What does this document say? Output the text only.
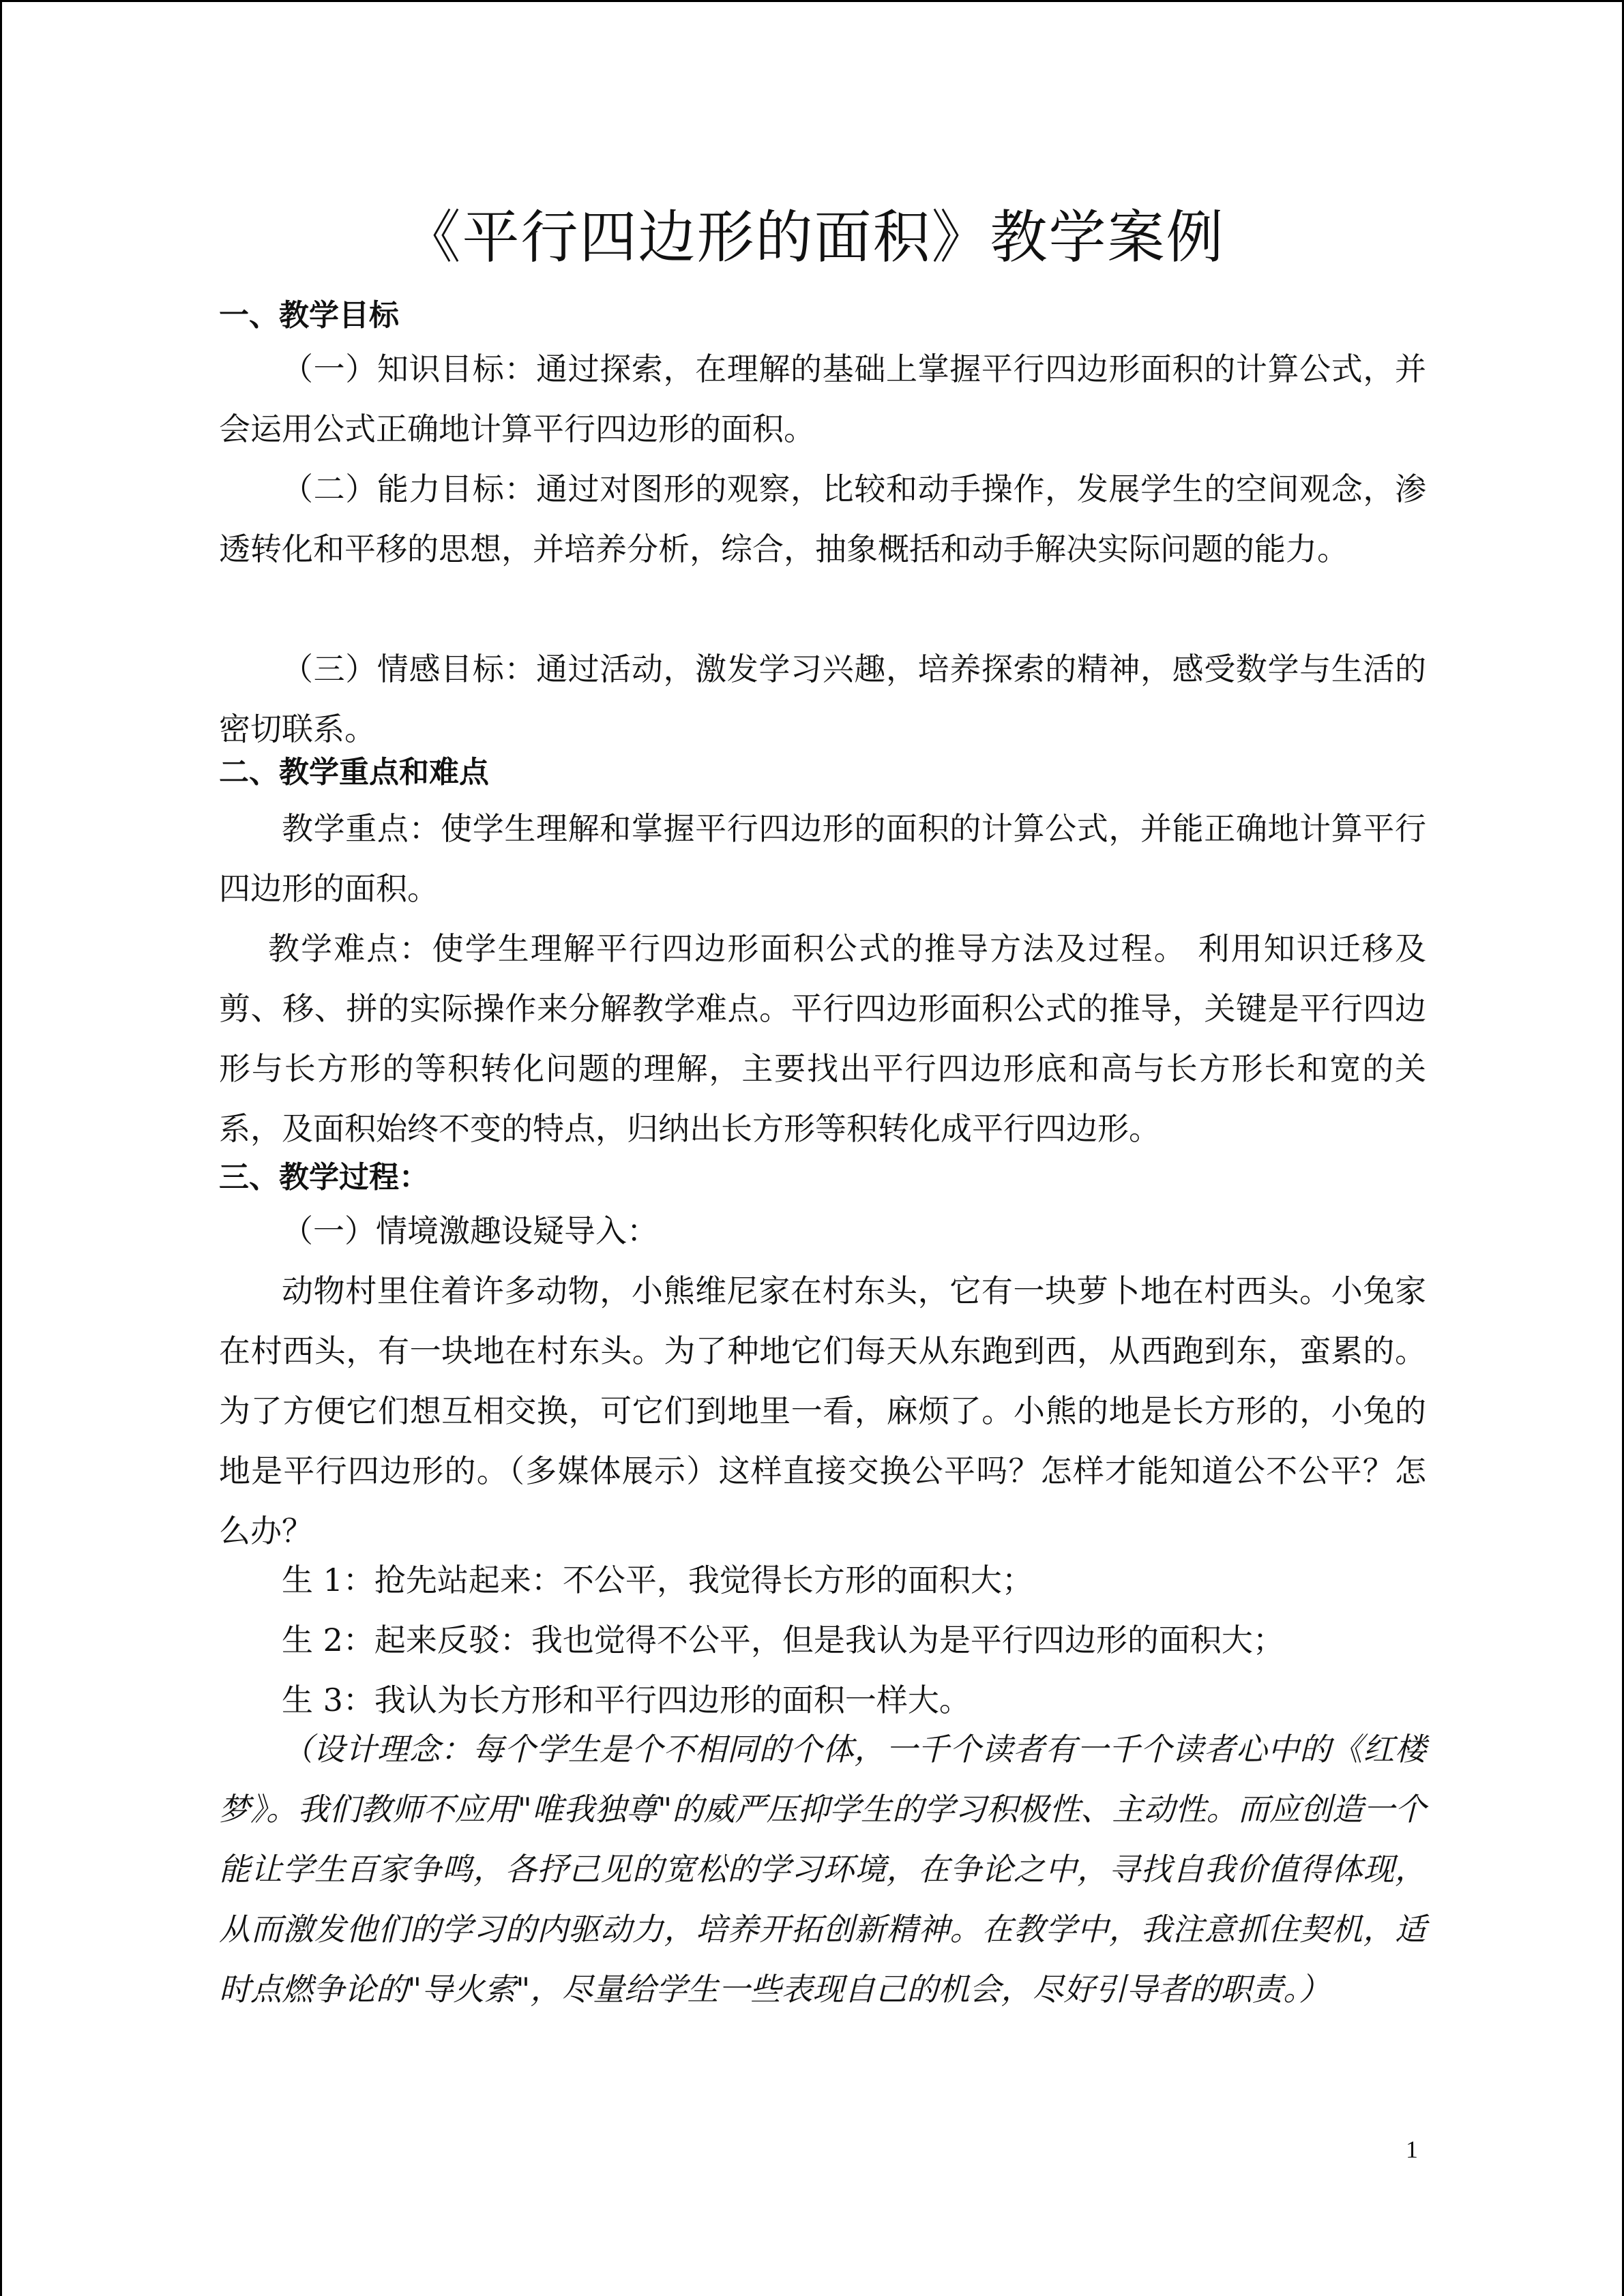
《平行四边形的面积》教学案例
一、教学目标

（一）知识目标：通过探索，在理解的基础上掌握平行四边形面积的计算公式，并会运用公式正确地计算平行四边形的面积。

（二）能力目标：通过对图形的观察，比较和动手操作，发展学生的空间观念，渗透转化和平移的思想，并培养分析，综合，抽象概括和动手解决实际问题的能力。

（三）情感目标：通过活动，激发学习兴趣，培养探索的精神，感受数学与生活的密切联系。

二、教学重点和难点

教学重点：使学生理解和掌握平行四边形的面积的计算公式，并能正确地计算平行四边形的面积。

教学难点：使学生理解平行四边形面积公式的推导方法及过程。 利用知识迁移及剪、移、拼的实际操作来分解教学难点。平行四边形面积公式的推导，关键是平行四边形与长方形的等积转化问题的理解，主要找出平行四边形底和高与长方形长和宽的关系，及面积始终不变的特点，归纳出长方形等积转化成平行四边形。

三、教学过程：
（一）情境激趣设疑导入：

动物村里住着许多动物，小熊维尼家在村东头，它有一块萝卜地在村西头。小兔家在村西头，有一块地在村东头。为了种地它们每天从东跑到西，从西跑到东，蛮累的。为了方便它们想互相交换，可它们到地里一看，麻烦了。小熊的地是长方形的，小兔的地是平行四边形的。（多媒体展示）这样直接交换公平吗？怎样才能知道公不公平？怎么办？

生 1：抢先站起来：不公平，我觉得长方形的面积大；
生 2：起来反驳：我也觉得不公平，但是我认为是平行四边形的面积大；
生 3：我认为长方形和平行四边形的面积一样大。

（设计理念：每个学生是个不相同的个体，一千个读者有一千个读者心中的《红楼梦》。我们教师不应用"唯我独尊"的威严压抑学生的学习积极性、主动性。而应创造一个能让学生百家争鸣，各抒己见的宽松的学习环境，在争论之中，寻找自我价值得体现，从而激发他们的学习的内驱动力，培养开拓创新精神。在教学中，我注意抓住契机，适时点燃争论的"导火索"，尽量给学生一些表现自己的机会，尽好引导者的职责。）

1
